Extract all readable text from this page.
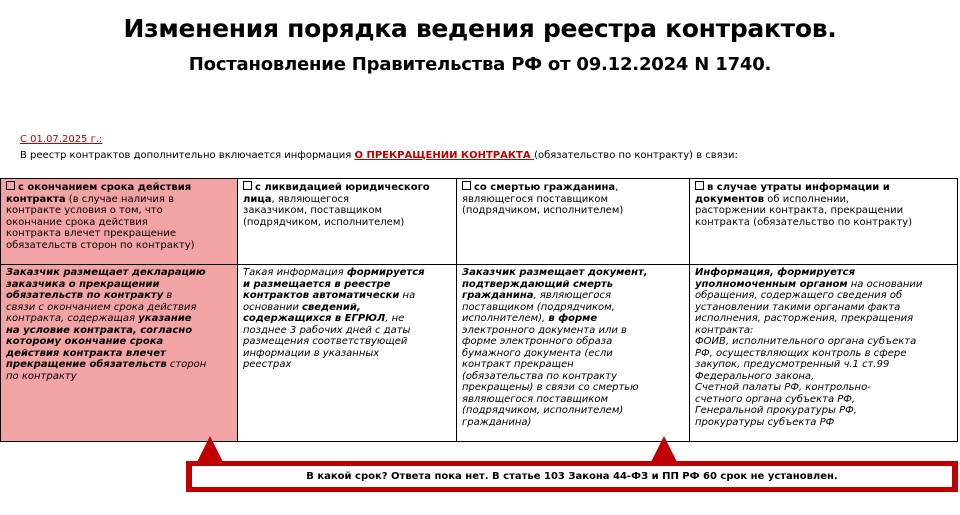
Изменения порядка ведения реестра контрактов.
Постановление Правительства РФ от 09.12.2024 N 1740.
С 01.07.2025 г.:
В реестр контрактов дополнительно включается информация О ПРЕКРАЩЕНИИ КОНТРАКТА (обязательство по контракту) в связи:
с окончанием срока действия
контракта (в случае наличия в
контракте условия о том, что
окончание срока действия
контракта влечет прекращение
обязательств сторон по контракту)
с ликвидацией юридического
лица, являющегося
заказчиком, поставщиком
(подрядчиком, исполнителем)
со смертью гражданина,
являющегося поставщиком
(подрядчиком, исполнителем)
в случае утраты информации и
документов об исполнении,
расторжении контракта, прекращении
контракта (обязательство по контракту)
Заказчик размещает декларацию
заказчика о прекращении
обязательств по контракту в
связи с окончанием срока действия
контракта, содержащая указание
на условие контракта, согласно
которому окончание срока
действия контракта влечет
прекращение обязательств сторон
по контракту
Такая информация формируется
и размещается в реестре
контрактов автоматически на
основании сведений,
содержащихся в ЕГРЮЛ, не
позднее 3 рабочих дней с даты
размещения соответствующей
информации в указанных
реестрах
Заказчик размещает документ,
подтверждающий смерть
гражданина, являющегося
поставщиком (подрядчиком,
исполнителем), в форме
электронного документа или в
форме электронного образа
бумажного документа (если
контракт прекращен
(обязательства по контракту
прекращены) в связи со смертью
являющегося поставщиком
(подрядчиком, исполнителем)
гражданина)
Информация, формируется
уполномоченным органом на основании
обращения, содержащего сведения об
установлении такими органами факта
исполнения, расторжения, прекращения
контракта:
ФОИВ, исполнительного органа субъекта
РФ, осуществляющих контроль в сфере
закупок, предусмотренный ч.1 ст.99
Федерального закона,
Счетной палаты РФ, контрольно-
счетного органа субъекта РФ,
Генеральной прокуратуры РФ,
прокуратуры субъекта РФ
В какой срок? Ответа пока нет. В статье 103 Закона 44-ФЗ и ПП РФ 60 срок не установлен.
